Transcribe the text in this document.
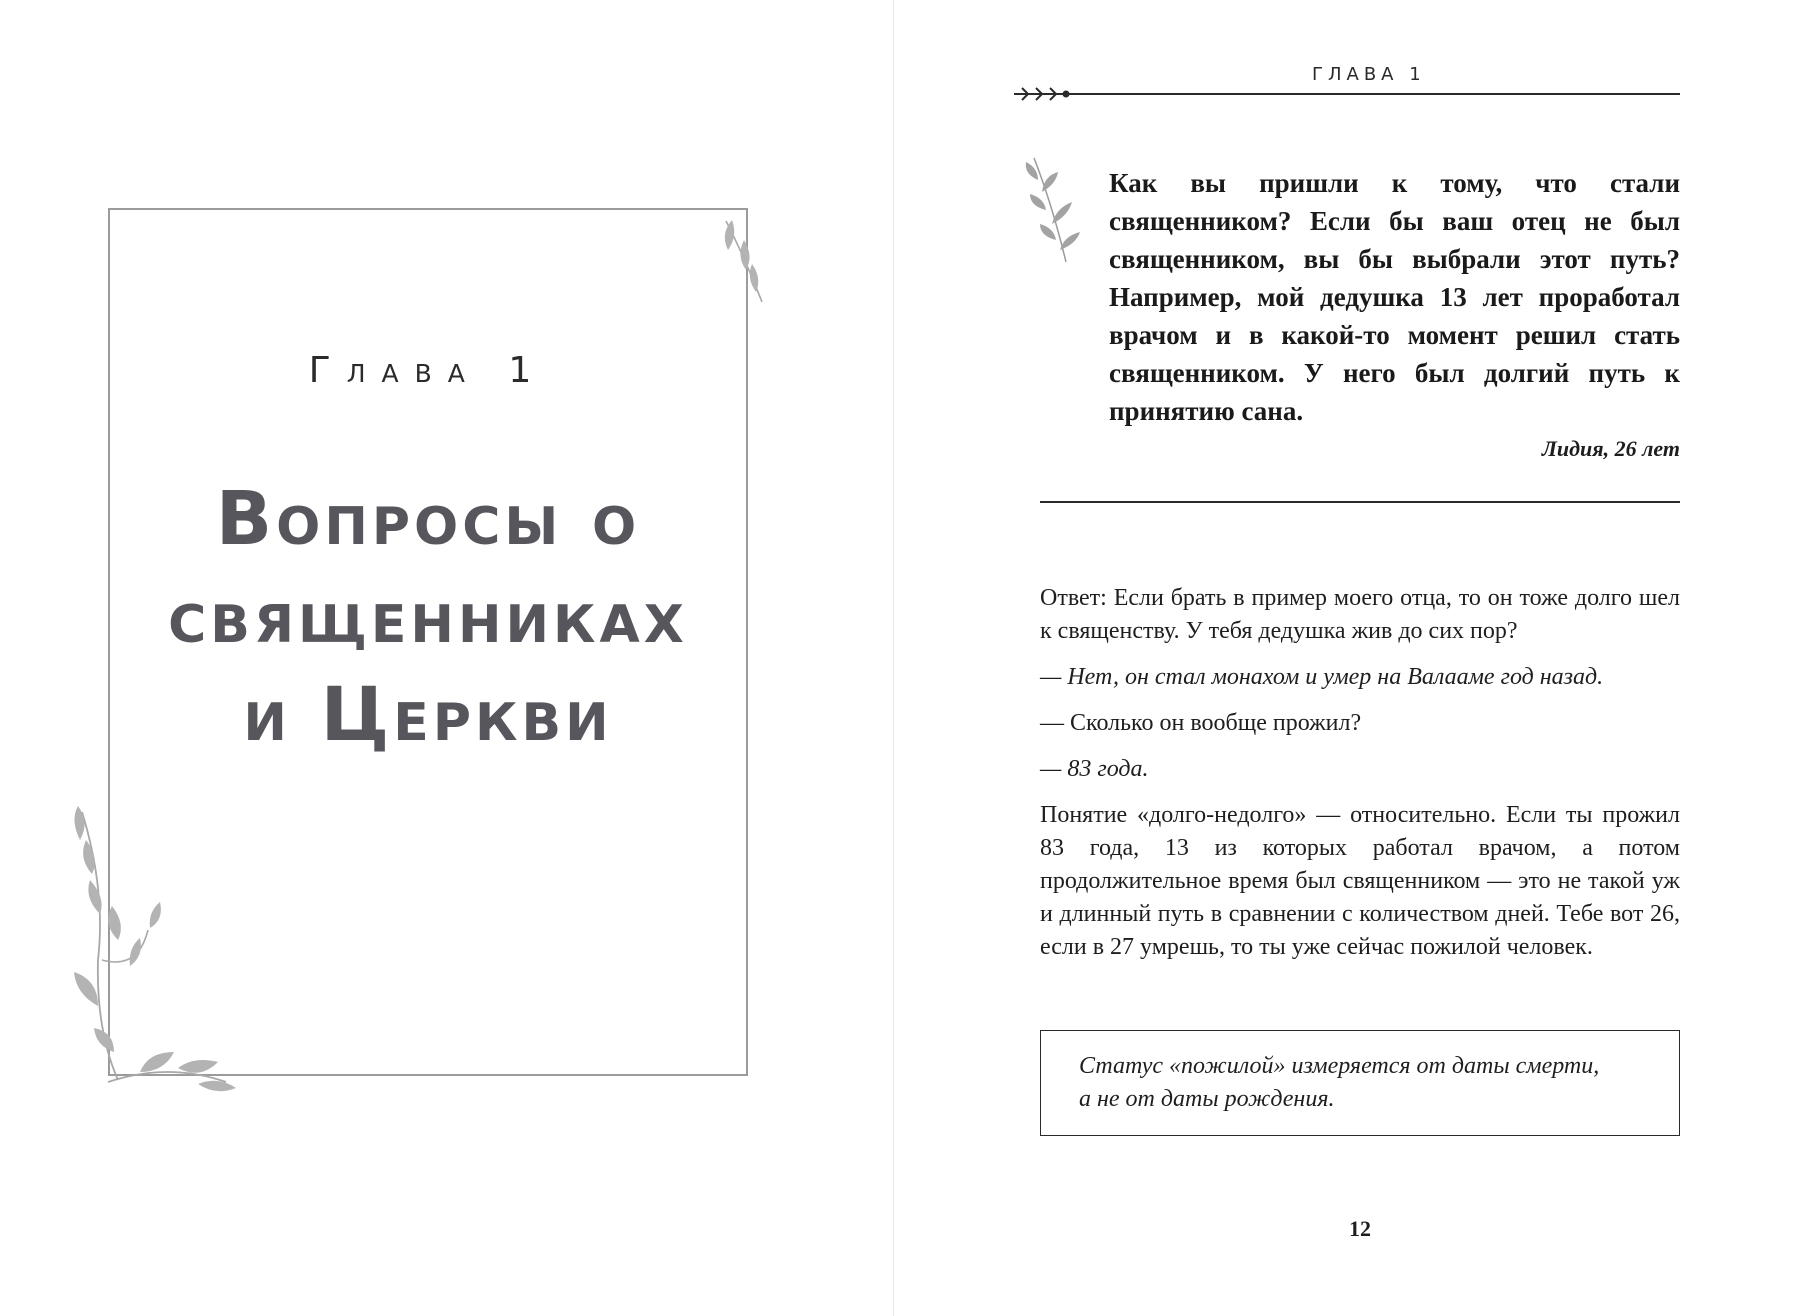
Глава 1
Вопросы о
священниках
и Церкви
ГЛАВА 1

Как вы пришли к тому, что стали священником? Если бы ваш отец не был священником, вы бы выбрали этот путь? Например, мой дедушка 13 лет проработал врачом и в какой-то момент решил стать священником. У него был долгий путь к принятию сана.

Лидия, 26 лет

Ответ: Если брать в пример моего отца, то он тоже долго шел к священству. У тебя дедушка жив до сих пор?

— Нет, он стал монахом и умер на Валааме год назад.

— Сколько он вообще прожил?

— 83 года.

Понятие «долго-недолго» — относительно. Если ты прожил 83 года, 13 из которых работал врачом, а потом продолжительное время был священником — это не такой уж и длинный путь в сравнении с количеством дней. Тебе вот 26, если в 27 умрешь, то ты уже сейчас пожилой человек.

Статус «пожилой» измеряется от даты смерти,
а не от даты рождения.
12
